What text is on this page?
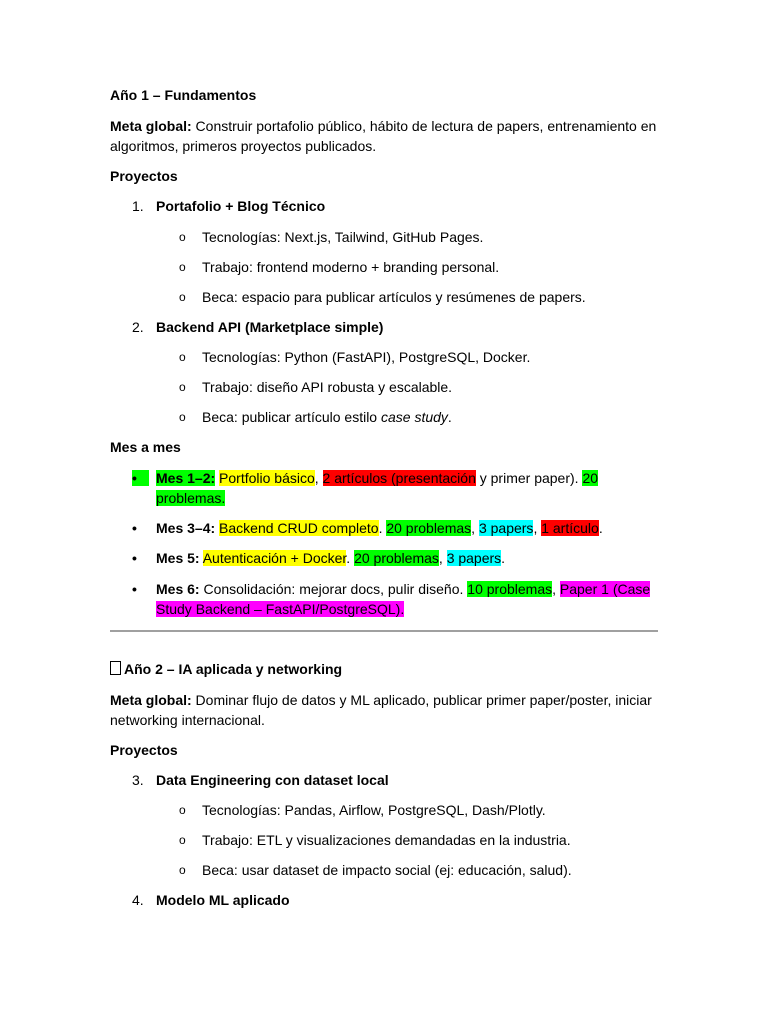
Año 1 – Fundamentos
Meta global: Construir portafolio público, hábito de lectura de papers, entrenamiento en algoritmos, primeros proyectos publicados.
Proyectos
1. Portafolio + Blog Técnico
o Tecnologías: Next.js, Tailwind, GitHub Pages.
o Trabajo: frontend moderno + branding personal.
o Beca: espacio para publicar artículos y resúmenes de papers.
2. Backend API (Marketplace simple)
o Tecnologías: Python (FastAPI), PostgreSQL, Docker.
o Trabajo: diseño API robusta y escalable.
o Beca: publicar artículo estilo case study.
Mes a mes
•	Mes 1–2: Portfolio básico, 2 artículos (presentación y primer paper). 20 problemas.
• Mes 3–4: Backend CRUD completo. 20 problemas, 3 papers, 1 artículo.
• Mes 5: Autenticación + Docker. 20 problemas, 3 papers.
• Mes 6: Consolidación: mejorar docs, pulir diseño. 10 problemas, Paper 1 (Case Study Backend – FastAPI/PostgreSQL).
Año 2 – IA aplicada y networking
Meta global: Dominar flujo de datos y ML aplicado, publicar primer paper/poster, iniciar networking internacional.
Proyectos
3. Data Engineering con dataset local
o Tecnologías: Pandas, Airflow, PostgreSQL, Dash/Plotly.
o Trabajo: ETL y visualizaciones demandadas en la industria.
o Beca: usar dataset de impacto social (ej: educación, salud).
4. Modelo ML aplicado
